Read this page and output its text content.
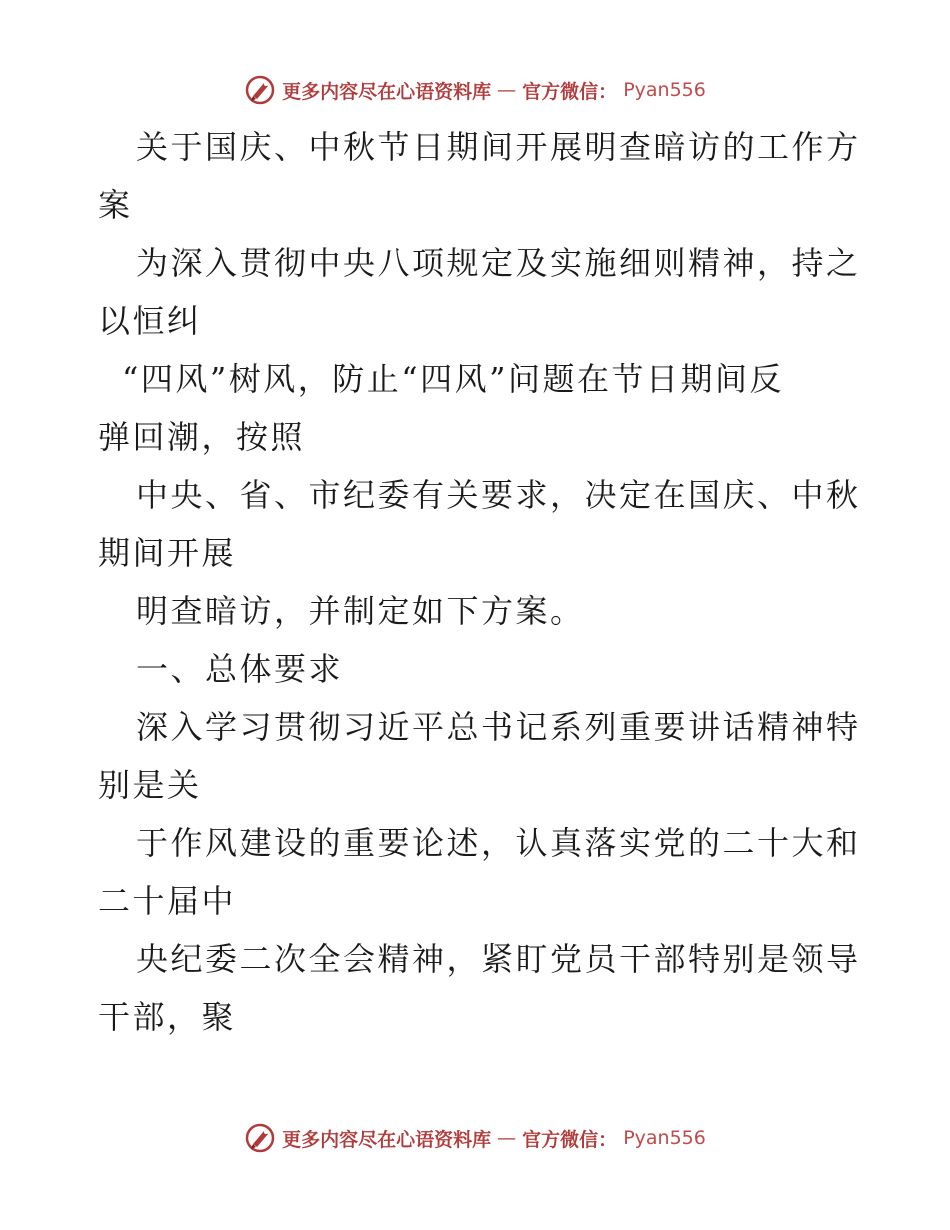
更多内容尽在心语资料库 — 官方微信： Pyan556
关于国庆、中秋节日期间开展明查暗访的工作方
案
为深入贯彻中央八项规定及实施细则精神，持之
以恒纠
“四风”树风，防止“四风”问题在节日期间反
弹回潮，按照
中央、省、市纪委有关要求，决定在国庆、中秋
期间开展
明查暗访，并制定如下方案。
一、总体要求
深入学习贯彻习近平总书记系列重要讲话精神特
别是关
于作风建设的重要论述，认真落实党的二十大和
二十届中
央纪委二次全会精神，紧盯党员干部特别是领导
干部，聚
更多内容尽在心语资料库 — 官方微信： Pyan556
